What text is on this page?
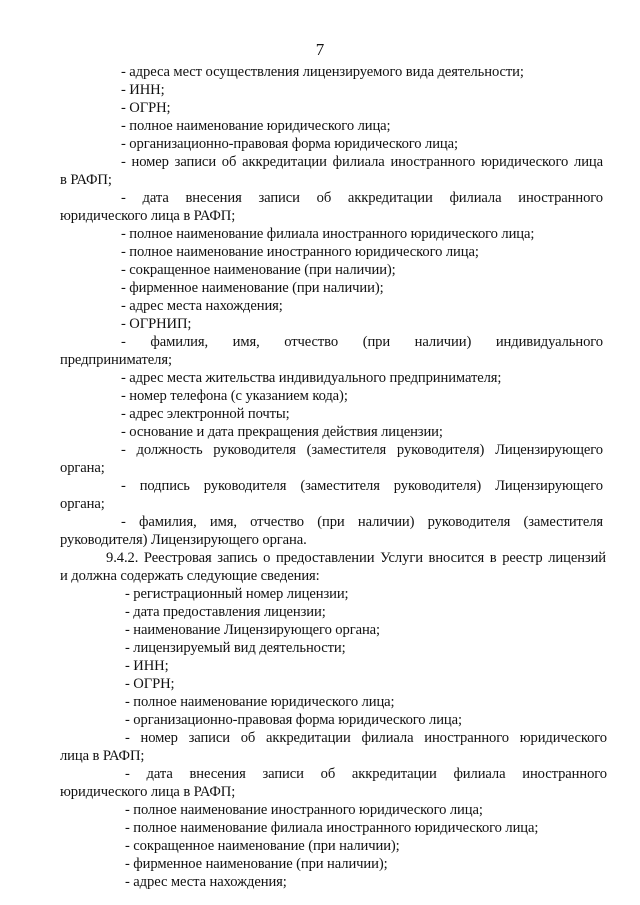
7
- адреса мест осуществления лицензируемого вида деятельности;
- ИНН;
- ОГРН;
- полное наименование юридического лица;
- организационно-правовая форма юридического лица;
- номер записи об аккредитации филиала иностранного юридического лица
в РАФП;
- дата внесения записи об аккредитации филиала иностранного
юридического лица в РАФП;
- полное наименование филиала иностранного юридического лица;
- полное наименование иностранного юридического лица;
- сокращенное наименование (при наличии);
- фирменное наименование (при наличии);
- адрес места нахождения;
- ОГРНИП;
- фамилия, имя, отчество (при наличии) индивидуального
предпринимателя;
- адрес места жительства индивидуального предпринимателя;
- номер телефона (с указанием кода);
- адрес электронной почты;
- основание и дата прекращения действия лицензии;
- должность руководителя (заместителя руководителя) Лицензирующего
органа;
- подпись руководителя (заместителя руководителя) Лицензирующего
органа;
- фамилия, имя, отчество (при наличии) руководителя (заместителя
руководителя) Лицензирующего органа.
9.4.2. Реестровая запись о предоставлении Услуги вносится в реестр лицензий
и должна содержать следующие сведения:
- регистрационный номер лицензии;
- дата предоставления лицензии;
- наименование Лицензирующего органа;
- лицензируемый вид деятельности;
- ИНН;
- ОГРН;
- полное наименование юридического лица;
- организационно-правовая форма юридического лица;
- номер записи об аккредитации филиала иностранного юридического
лица в РАФП;
- дата внесения записи об аккредитации филиала иностранного
юридического лица в РАФП;
- полное наименование иностранного юридического лица;
- полное наименование филиала иностранного юридического лица;
- сокращенное наименование (при наличии);
- фирменное наименование (при наличии);
- адрес места нахождения;
